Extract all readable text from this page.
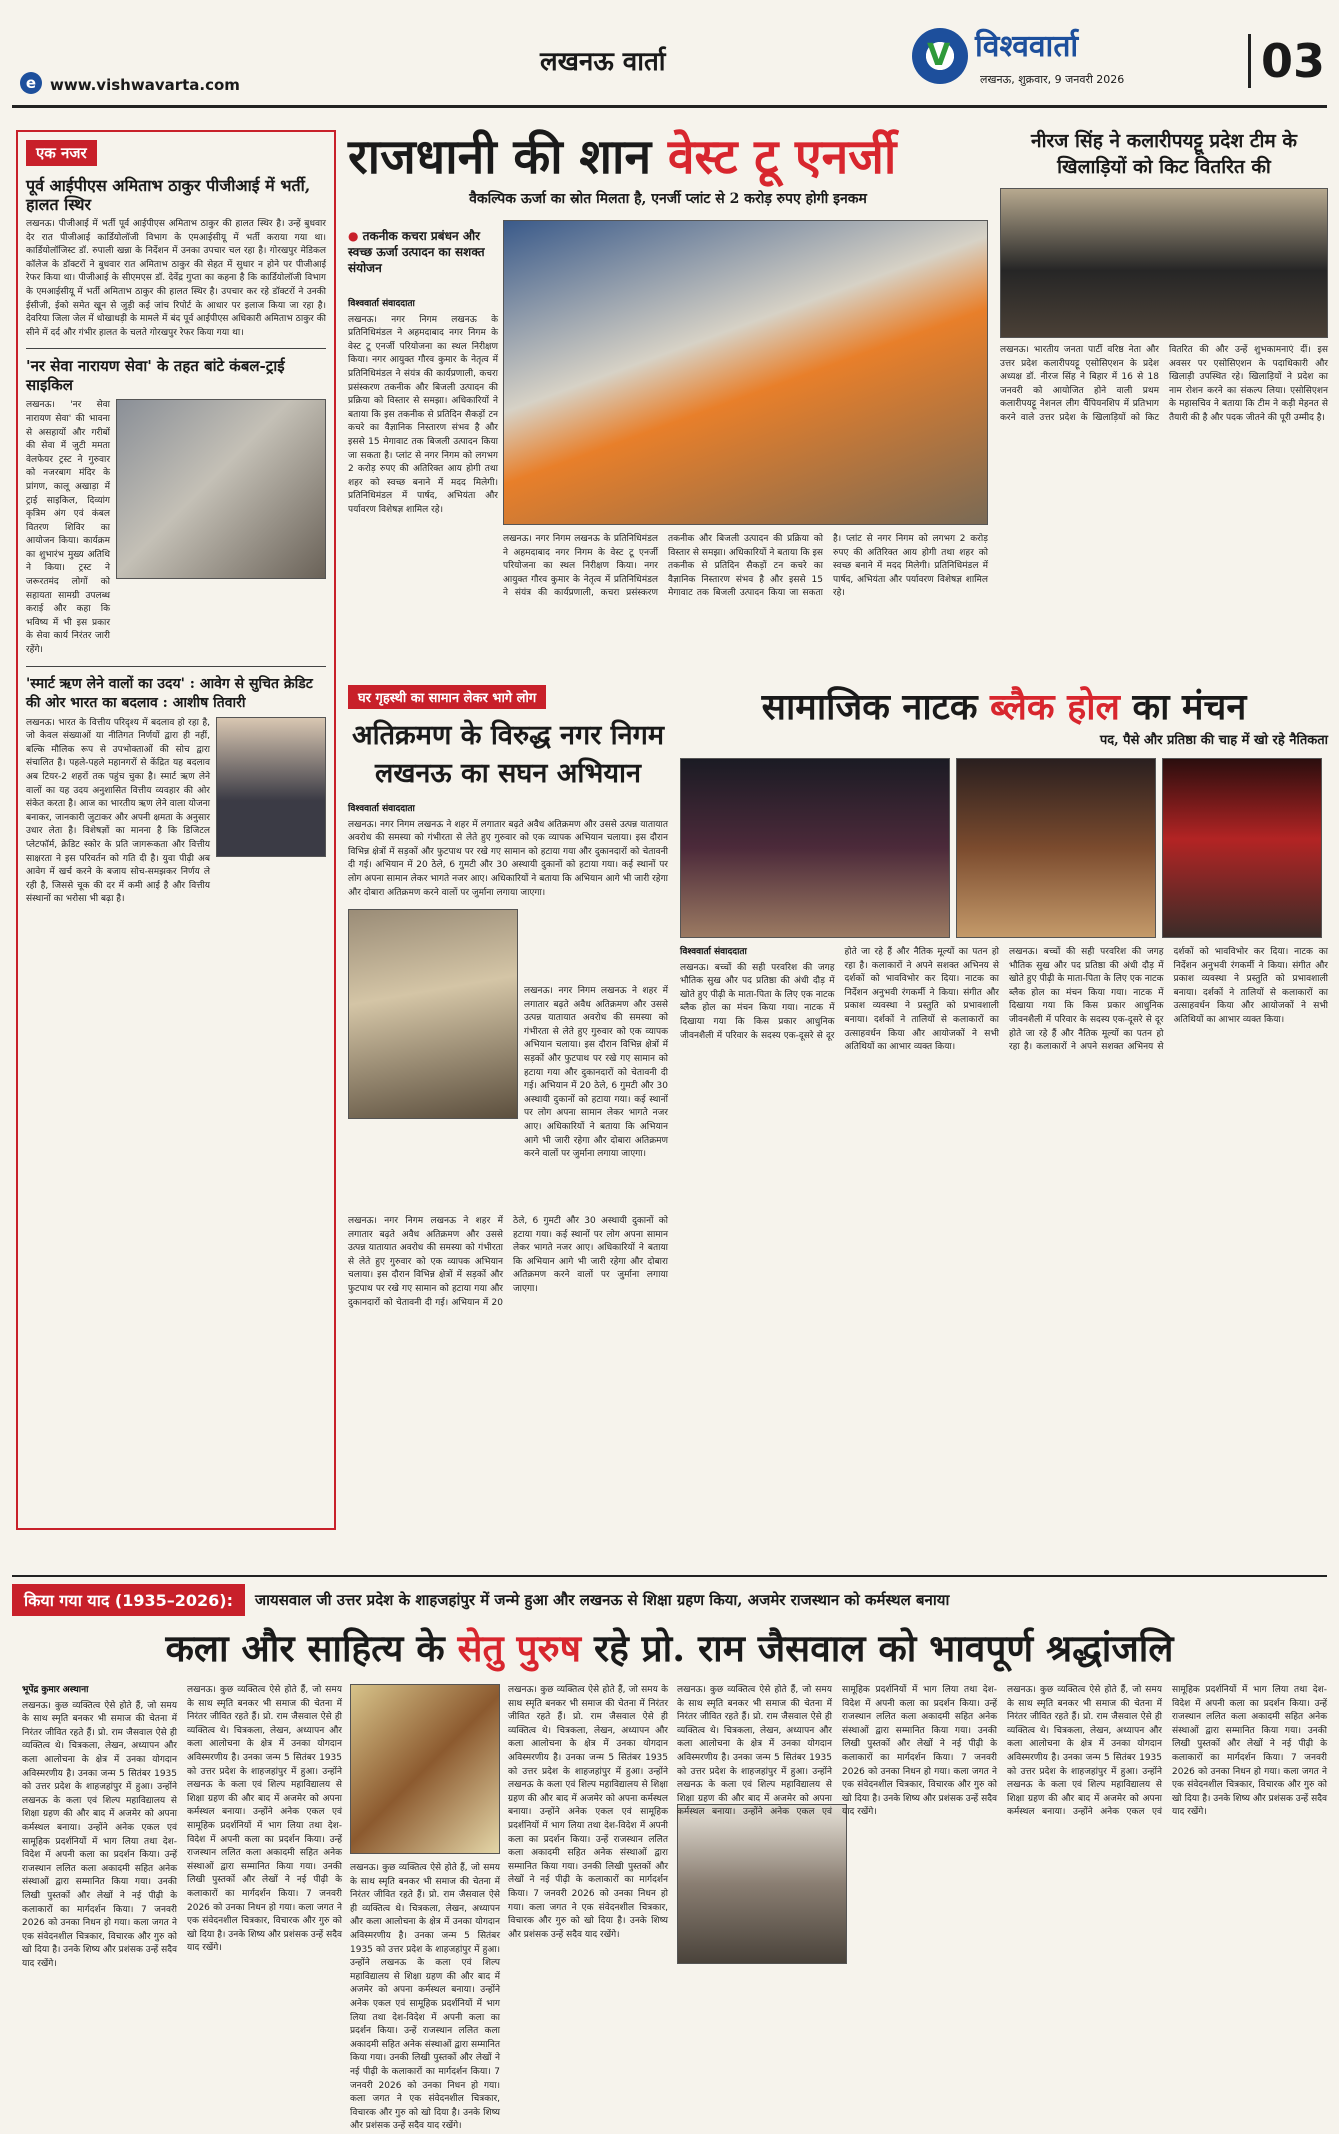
लखनऊ वार्ता
e www.vishwavarta.com
V विश्ववार्ता
लखनऊ, शुक्रवार, 9 जनवरी 2026	03
एक नजर
पूर्व आईपीएस अमिताभ ठाकुर पीजीआई में भर्ती, हालत स्थिर
लखनऊ। पीजीआई में भर्ती पूर्व आईपीएस अमिताभ ठाकुर की हालत स्थिर है। उन्हें बुधवार देर रात पीजीआई कार्डियोलॉजी विभाग के एमआईसीयू में भर्ती कराया गया था। कार्डियोलॉजिस्ट डॉ. रुपाली खन्ना के निर्देशन में उनका उपचार चल रहा है। गोरखपुर मेडिकल कॉलेज के डॉक्टरों ने बुधवार रात अमिताभ ठाकुर की सेहत में सुधार न होने पर पीजीआई रेफर किया था। पीजीआई के सीएमएस डॉ. देवेंद्र गुप्ता का कहना है कि कार्डियोलॉजी विभाग के एमआईसीयू में भर्ती अमिताभ ठाकुर की हालत स्थिर है। उपचार कर रहे डॉक्टरों ने उनकी ईसीजी, ईको समेत खून से जुड़ी कई जांच रिपोर्ट के आधार पर इलाज किया जा रहा है। देवरिया जिला जेल में धोखाधड़ी के मामले में बंद पूर्व आईपीएस अधिकारी अमिताभ ठाकुर की सीने में दर्द और गंभीर हालत के चलते गोरखपुर रेफर किया गया था।
'नर सेवा नारायण सेवा' के तहत बांटे कंबल-ट्राई साइकिल
लखनऊ। 'नर सेवा नारायण सेवा' की भावना से असहायों और गरीबों की सेवा में जुटी ममता वेलफेयर ट्रस्ट ने गुरुवार को नजरबाग मंदिर के प्रांगण, कालू अखाड़ा में ट्राई साइकिल, दिव्यांग कृत्रिम अंग एवं कंबल वितरण शिविर का आयोजन किया। कार्यक्रम का शुभारंभ मुख्य अतिथि ने किया। ट्रस्ट ने जरूरतमंद लोगों को सहायता सामग्री उपलब्ध कराई और कहा कि भविष्य में भी इस प्रकार के सेवा कार्य निरंतर जारी रहेंगे।
'स्मार्ट ऋण लेने वालों का उदय' : आवेग से सुचित क्रेडिट की ओर भारत का बदलाव : आशीष तिवारी
लखनऊ। भारत के वित्तीय परिदृश्य में बदलाव हो रहा है, जो केवल संख्याओं या नीतिगत निर्णयों द्वारा ही नहीं, बल्कि मौलिक रूप से उपभोक्ताओं की सोच द्वारा संचालित है। पहले-पहले महानगरों से केंद्रित यह बदलाव अब टियर-2 शहरों तक पहुंच चुका है। स्मार्ट ऋण लेने वालों का यह उदय अनुशासित वित्तीय व्यवहार की ओर संकेत करता है। आज का भारतीय ऋण लेने वाला योजना बनाकर, जानकारी जुटाकर और अपनी क्षमता के अनुसार उधार लेता है। विशेषज्ञों का मानना है कि डिजिटल प्लेटफॉर्म, क्रेडिट स्कोर के प्रति जागरूकता और वित्तीय साक्षरता ने इस परिवर्तन को गति दी है। युवा पीढ़ी अब आवेग में खर्च करने के बजाय सोच-समझकर निर्णय ले रही है, जिससे चूक की दर में कमी आई है और वित्तीय संस्थानों का भरोसा भी बढ़ा है।
राजधानी की शान वेस्ट टू एनर्जी
वैकल्पिक ऊर्जा का स्रोत मिलता है, एनर्जी प्लांट से 2 करोड़ रुपए होगी इनकम
● तकनीक कचरा प्रबंधन और स्वच्छ ऊर्जा उत्पादन का सशक्त संयोजन
विश्ववार्ता संवाददाता
लखनऊ। नगर निगम लखनऊ के प्रतिनिधिमंडल ने अहमदाबाद नगर निगम के वेस्ट टू एनर्जी परियोजना का स्थल निरीक्षण किया। नगर आयुक्त गौरव कुमार के नेतृत्व में प्रतिनिधिमंडल ने संयंत्र की कार्यप्रणाली, कचरा प्रसंस्करण तकनीक और बिजली उत्पादन की प्रक्रिया को विस्तार से समझा। अधिकारियों ने बताया कि इस तकनीक से प्रतिदिन सैकड़ों टन कचरे का वैज्ञानिक निस्तारण संभव है और इससे 15 मेगावाट तक बिजली उत्पादन किया जा सकता है। प्लांट से नगर निगम को लगभग 2 करोड़ रुपए की अतिरिक्त आय होगी तथा शहर को स्वच्छ बनाने में मदद मिलेगी। प्रतिनिधिमंडल में पार्षद, अभियंता और पर्यावरण विशेषज्ञ शामिल रहे।
लखनऊ। नगर निगम लखनऊ के प्रतिनिधिमंडल ने अहमदाबाद नगर निगम के वेस्ट टू एनर्जी परियोजना का स्थल निरीक्षण किया। नगर आयुक्त गौरव कुमार के नेतृत्व में प्रतिनिधिमंडल ने संयंत्र की कार्यप्रणाली, कचरा प्रसंस्करण तकनीक और बिजली उत्पादन की प्रक्रिया को विस्तार से समझा। अधिकारियों ने बताया कि इस तकनीक से प्रतिदिन सैकड़ों टन कचरे का वैज्ञानिक निस्तारण संभव है और इससे 15 मेगावाट तक बिजली उत्पादन किया जा सकता है। प्लांट से नगर निगम को लगभग 2 करोड़ रुपए की अतिरिक्त आय होगी तथा शहर को स्वच्छ बनाने में मदद मिलेगी। प्रतिनिधिमंडल में पार्षद, अभियंता और पर्यावरण विशेषज्ञ शामिल रहे।
नीरज सिंह ने कलारीपयट्टू प्रदेश टीम के खिलाड़ियों को किट वितरित की
लखनऊ। भारतीय जनता पार्टी वरिष्ठ नेता और उत्तर प्रदेश कलारीपयट्टू एसोसिएशन के प्रदेश अध्यक्ष डॉ. नीरज सिंह ने बिहार में 16 से 18 जनवरी को आयोजित होने वाली प्रथम कलारीपयट्टू नेशनल लीग चैंपियनशिप में प्रतिभाग करने वाले उत्तर प्रदेश के खिलाड़ियों को किट वितरित की और उन्हें शुभकामनाएं दीं। इस अवसर पर एसोसिएशन के पदाधिकारी और खिलाड़ी उपस्थित रहे। खिलाड़ियों ने प्रदेश का नाम रोशन करने का संकल्प लिया। एसोसिएशन के महासचिव ने बताया कि टीम ने कड़ी मेहनत से तैयारी की है और पदक जीतने की पूरी उम्मीद है।
घर गृहस्थी का सामान लेकर भागे लोग
अतिक्रमण के विरुद्ध नगर निगम लखनऊ का सघन अभियान
विश्ववार्ता संवाददाता
लखनऊ। नगर निगम लखनऊ ने शहर में लगातार बढ़ते अवैध अतिक्रमण और उससे उत्पन्न यातायात अवरोध की समस्या को गंभीरता से लेते हुए गुरुवार को एक व्यापक अभियान चलाया। इस दौरान विभिन्न क्षेत्रों में सड़कों और फुटपाथ पर रखे गए सामान को हटाया गया और दुकानदारों को चेतावनी दी गई। अभियान में 20 ठेले, 6 गुमटी और 30 अस्थायी दुकानों को हटाया गया। कई स्थानों पर लोग अपना सामान लेकर भागते नजर आए। अधिकारियों ने बताया कि अभियान आगे भी जारी रहेगा और दोबारा अतिक्रमण करने वालों पर जुर्माना लगाया जाएगा।
लखनऊ। नगर निगम लखनऊ ने शहर में लगातार बढ़ते अवैध अतिक्रमण और उससे उत्पन्न यातायात अवरोध की समस्या को गंभीरता से लेते हुए गुरुवार को एक व्यापक अभियान चलाया। इस दौरान विभिन्न क्षेत्रों में सड़कों और फुटपाथ पर रखे गए सामान को हटाया गया और दुकानदारों को चेतावनी दी गई। अभियान में 20 ठेले, 6 गुमटी और 30 अस्थायी दुकानों को हटाया गया। कई स्थानों पर लोग अपना सामान लेकर भागते नजर आए। अधिकारियों ने बताया कि अभियान आगे भी जारी रहेगा और दोबारा अतिक्रमण करने वालों पर जुर्माना लगाया जाएगा।
लखनऊ। नगर निगम लखनऊ ने शहर में लगातार बढ़ते अवैध अतिक्रमण और उससे उत्पन्न यातायात अवरोध की समस्या को गंभीरता से लेते हुए गुरुवार को एक व्यापक अभियान चलाया। इस दौरान विभिन्न क्षेत्रों में सड़कों और फुटपाथ पर रखे गए सामान को हटाया गया और दुकानदारों को चेतावनी दी गई। अभियान में 20 ठेले, 6 गुमटी और 30 अस्थायी दुकानों को हटाया गया। कई स्थानों पर लोग अपना सामान लेकर भागते नजर आए। अधिकारियों ने बताया कि अभियान आगे भी जारी रहेगा और दोबारा अतिक्रमण करने वालों पर जुर्माना लगाया जाएगा।
सामाजिक नाटक ब्लैक होल का मंचन
पद, पैसे और प्रतिष्ठा की चाह में खो रहे नैतिकता
विश्ववार्ता संवाददाता
लखनऊ। बच्चों की सही परवरिश की जगह भौतिक सुख और पद प्रतिष्ठा की अंधी दौड़ में खोते हुए पीढ़ी के माता-पिता के लिए एक नाटक ब्लैक होल का मंचन किया गया। नाटक में दिखाया गया कि किस प्रकार आधुनिक जीवनशैली में परिवार के सदस्य एक-दूसरे से दूर होते जा रहे हैं और नैतिक मूल्यों का पतन हो रहा है। कलाकारों ने अपने सशक्त अभिनय से दर्शकों को भावविभोर कर दिया। नाटक का निर्देशन अनुभवी रंगकर्मी ने किया। संगीत और प्रकाश व्यवस्था ने प्रस्तुति को प्रभावशाली बनाया। दर्शकों ने तालियों से कलाकारों का उत्साहवर्धन किया और आयोजकों ने सभी अतिथियों का आभार व्यक्त किया।
लखनऊ। बच्चों की सही परवरिश की जगह भौतिक सुख और पद प्रतिष्ठा की अंधी दौड़ में खोते हुए पीढ़ी के माता-पिता के लिए एक नाटक ब्लैक होल का मंचन किया गया। नाटक में दिखाया गया कि किस प्रकार आधुनिक जीवनशैली में परिवार के सदस्य एक-दूसरे से दूर होते जा रहे हैं और नैतिक मूल्यों का पतन हो रहा है। कलाकारों ने अपने सशक्त अभिनय से दर्शकों को भावविभोर कर दिया। नाटक का निर्देशन अनुभवी रंगकर्मी ने किया। संगीत और प्रकाश व्यवस्था ने प्रस्तुति को प्रभावशाली बनाया। दर्शकों ने तालियों से कलाकारों का उत्साहवर्धन किया और आयोजकों ने सभी अतिथियों का आभार व्यक्त किया।
किया गया याद (1935–2026):	जायसवाल जी उत्तर प्रदेश के शाहजहांपुर में जन्मे हुआ और लखनऊ से शिक्षा ग्रहण किया, अजमेर राजस्थान को कर्मस्थल बनाया
कला और साहित्य के सेतु पुरुष रहे प्रो. राम जैसवाल को भावपूर्ण श्रद्धांजलि
भूपेंद्र कुमार अस्थाना
लखनऊ। कुछ व्यक्तित्व ऐसे होते हैं, जो समय के साथ स्मृति बनकर भी समाज की चेतना में निरंतर जीवित रहते हैं। प्रो. राम जैसवाल ऐसे ही व्यक्तित्व थे। चित्रकला, लेखन, अध्यापन और कला आलोचना के क्षेत्र में उनका योगदान अविस्मरणीय है। उनका जन्म 5 सितंबर 1935 को उत्तर प्रदेश के शाहजहांपुर में हुआ। उन्होंने लखनऊ के कला एवं शिल्प महाविद्यालय से शिक्षा ग्रहण की और बाद में अजमेर को अपना कर्मस्थल बनाया। उन्होंने अनेक एकल एवं सामूहिक प्रदर्शनियों में भाग लिया तथा देश-विदेश में अपनी कला का प्रदर्शन किया। उन्हें राजस्थान ललित कला अकादमी सहित अनेक संस्थाओं द्वारा सम्मानित किया गया। उनकी लिखी पुस्तकों और लेखों ने नई पीढ़ी के कलाकारों का मार्गदर्शन किया। 7 जनवरी 2026 को उनका निधन हो गया। कला जगत ने एक संवेदनशील चित्रकार, विचारक और गुरु को खो दिया है। उनके शिष्य और प्रशंसक उन्हें सदैव याद रखेंगे।
लखनऊ। कुछ व्यक्तित्व ऐसे होते हैं, जो समय के साथ स्मृति बनकर भी समाज की चेतना में निरंतर जीवित रहते हैं। प्रो. राम जैसवाल ऐसे ही व्यक्तित्व थे। चित्रकला, लेखन, अध्यापन और कला आलोचना के क्षेत्र में उनका योगदान अविस्मरणीय है। उनका जन्म 5 सितंबर 1935 को उत्तर प्रदेश के शाहजहांपुर में हुआ। उन्होंने लखनऊ के कला एवं शिल्प महाविद्यालय से शिक्षा ग्रहण की और बाद में अजमेर को अपना कर्मस्थल बनाया। उन्होंने अनेक एकल एवं सामूहिक प्रदर्शनियों में भाग लिया तथा देश-विदेश में अपनी कला का प्रदर्शन किया। उन्हें राजस्थान ललित कला अकादमी सहित अनेक संस्थाओं द्वारा सम्मानित किया गया। उनकी लिखी पुस्तकों और लेखों ने नई पीढ़ी के कलाकारों का मार्गदर्शन किया। 7 जनवरी 2026 को उनका निधन हो गया। कला जगत ने एक संवेदनशील चित्रकार, विचारक और गुरु को खो दिया है। उनके शिष्य और प्रशंसक उन्हें सदैव याद रखेंगे।
लखनऊ। कुछ व्यक्तित्व ऐसे होते हैं, जो समय के साथ स्मृति बनकर भी समाज की चेतना में निरंतर जीवित रहते हैं। प्रो. राम जैसवाल ऐसे ही व्यक्तित्व थे। चित्रकला, लेखन, अध्यापन और कला आलोचना के क्षेत्र में उनका योगदान अविस्मरणीय है। उनका जन्म 5 सितंबर 1935 को उत्तर प्रदेश के शाहजहांपुर में हुआ। उन्होंने लखनऊ के कला एवं शिल्प महाविद्यालय से शिक्षा ग्रहण की और बाद में अजमेर को अपना कर्मस्थल बनाया। उन्होंने अनेक एकल एवं सामूहिक प्रदर्शनियों में भाग लिया तथा देश-विदेश में अपनी कला का प्रदर्शन किया। उन्हें राजस्थान ललित कला अकादमी सहित अनेक संस्थाओं द्वारा सम्मानित किया गया। उनकी लिखी पुस्तकों और लेखों ने नई पीढ़ी के कलाकारों का मार्गदर्शन किया। 7 जनवरी 2026 को उनका निधन हो गया। कला जगत ने एक संवेदनशील चित्रकार, विचारक और गुरु को खो दिया है। उनके शिष्य और प्रशंसक उन्हें सदैव याद रखेंगे।
लखनऊ। कुछ व्यक्तित्व ऐसे होते हैं, जो समय के साथ स्मृति बनकर भी समाज की चेतना में निरंतर जीवित रहते हैं। प्रो. राम जैसवाल ऐसे ही व्यक्तित्व थे। चित्रकला, लेखन, अध्यापन और कला आलोचना के क्षेत्र में उनका योगदान अविस्मरणीय है। उनका जन्म 5 सितंबर 1935 को उत्तर प्रदेश के शाहजहांपुर में हुआ। उन्होंने लखनऊ के कला एवं शिल्प महाविद्यालय से शिक्षा ग्रहण की और बाद में अजमेर को अपना कर्मस्थल बनाया। उन्होंने अनेक एकल एवं सामूहिक प्रदर्शनियों में भाग लिया तथा देश-विदेश में अपनी कला का प्रदर्शन किया। उन्हें राजस्थान ललित कला अकादमी सहित अनेक संस्थाओं द्वारा सम्मानित किया गया। उनकी लिखी पुस्तकों और लेखों ने नई पीढ़ी के कलाकारों का मार्गदर्शन किया। 7 जनवरी 2026 को उनका निधन हो गया। कला जगत ने एक संवेदनशील चित्रकार, विचारक और गुरु को खो दिया है। उनके शिष्य और प्रशंसक उन्हें सदैव याद रखेंगे।
लखनऊ। कुछ व्यक्तित्व ऐसे होते हैं, जो समय के साथ स्मृति बनकर भी समाज की चेतना में निरंतर जीवित रहते हैं। प्रो. राम जैसवाल ऐसे ही व्यक्तित्व थे। चित्रकला, लेखन, अध्यापन और कला आलोचना के क्षेत्र में उनका योगदान अविस्मरणीय है। उनका जन्म 5 सितंबर 1935 को उत्तर प्रदेश के शाहजहांपुर में हुआ। उन्होंने लखनऊ के कला एवं शिल्प महाविद्यालय से शिक्षा ग्रहण की और बाद में अजमेर को अपना कर्मस्थल बनाया। उन्होंने अनेक एकल एवं सामूहिक प्रदर्शनियों में भाग लिया तथा देश-विदेश में अपनी कला का प्रदर्शन किया। उन्हें राजस्थान ललित कला अकादमी सहित अनेक संस्थाओं द्वारा सम्मानित किया गया। उनकी लिखी पुस्तकों और लेखों ने नई पीढ़ी के कलाकारों का मार्गदर्शन किया। 7 जनवरी 2026 को उनका निधन हो गया। कला जगत ने एक संवेदनशील चित्रकार, विचारक और गुरु को खो दिया है। उनके शिष्य और प्रशंसक उन्हें सदैव याद रखेंगे।
लखनऊ। कुछ व्यक्तित्व ऐसे होते हैं, जो समय के साथ स्मृति बनकर भी समाज की चेतना में निरंतर जीवित रहते हैं। प्रो. राम जैसवाल ऐसे ही व्यक्तित्व थे। चित्रकला, लेखन, अध्यापन और कला आलोचना के क्षेत्र में उनका योगदान अविस्मरणीय है। उनका जन्म 5 सितंबर 1935 को उत्तर प्रदेश के शाहजहांपुर में हुआ। उन्होंने लखनऊ के कला एवं शिल्प महाविद्यालय से शिक्षा ग्रहण की और बाद में अजमेर को अपना कर्मस्थल बनाया। उन्होंने अनेक एकल एवं सामूहिक प्रदर्शनियों में भाग लिया तथा देश-विदेश में अपनी कला का प्रदर्शन किया। उन्हें राजस्थान ललित कला अकादमी सहित अनेक संस्थाओं द्वारा सम्मानित किया गया। उनकी लिखी पुस्तकों और लेखों ने नई पीढ़ी के कलाकारों का मार्गदर्शन किया। 7 जनवरी 2026 को उनका निधन हो गया। कला जगत ने एक संवेदनशील चित्रकार, विचारक और गुरु को खो दिया है। उनके शिष्य और प्रशंसक उन्हें सदैव याद रखेंगे।
